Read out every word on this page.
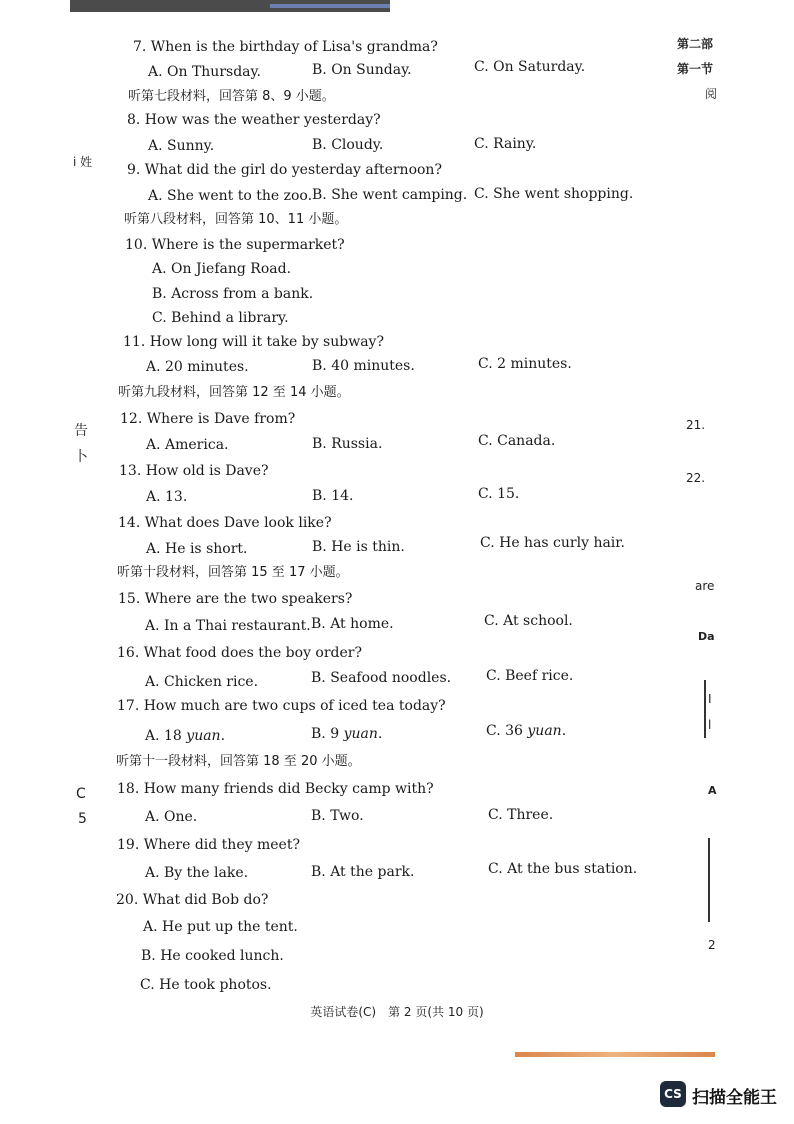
7. When is the birthday of Lisa's grandma?
A. On Thursday.	B. On Sunday.	C. On Saturday.
听第七段材料，回答第 8、9 小题。
8. How was the weather yesterday?
A. Sunny.	B. Cloudy.	C. Rainy.
9. What did the girl do yesterday afternoon?
A. She went to the zoo. B. She went camping. C. She went shopping.
听第八段材料，回答第 10、11 小题。
10. Where is the supermarket?
A. On Jiefang Road.
B. Across from a bank.
C. Behind a library.
11. How long will it take by subway?
A. 20 minutes.	B. 40 minutes.	C. 2 minutes.
听第九段材料，回答第 12 至 14 小题。
12. Where is Dave from?
A. America.	B. Russia.	C. Canada.
13. How old is Dave?
A. 13.	B. 14.	C. 15.
14. What does Dave look like?
A. He is short.	B. He is thin.	C. He has curly hair.
听第十段材料，回答第 15 至 17 小题。
15. Where are the two speakers?
A. In a Thai restaurant. B. At home.	C. At school.
16. What food does the boy order?
A. Chicken rice.	B. Seafood noodles. C. Beef rice.
17. How much are two cups of iced tea today?
A. 18 yuan.	B. 9 yuan.	C. 36 yuan.
听第十一段材料，回答第 18 至 20 小题。
18. How many friends did Becky camp with?
A. One.	B. Two.	C. Three.
19. Where did they meet?
A. By the lake.	B. At the park.	C. At the bus station.
20. What did Bob do?
A. He put up the tent.
B. He cooked lunch.
C. He took photos.
i 姓
告
卜
C
5
第二部
第一节
阅
21.
22.
are
Da
I
l
A
2
英语试卷(C)　第 2 页(共 10 页)
CS 扫描全能王
